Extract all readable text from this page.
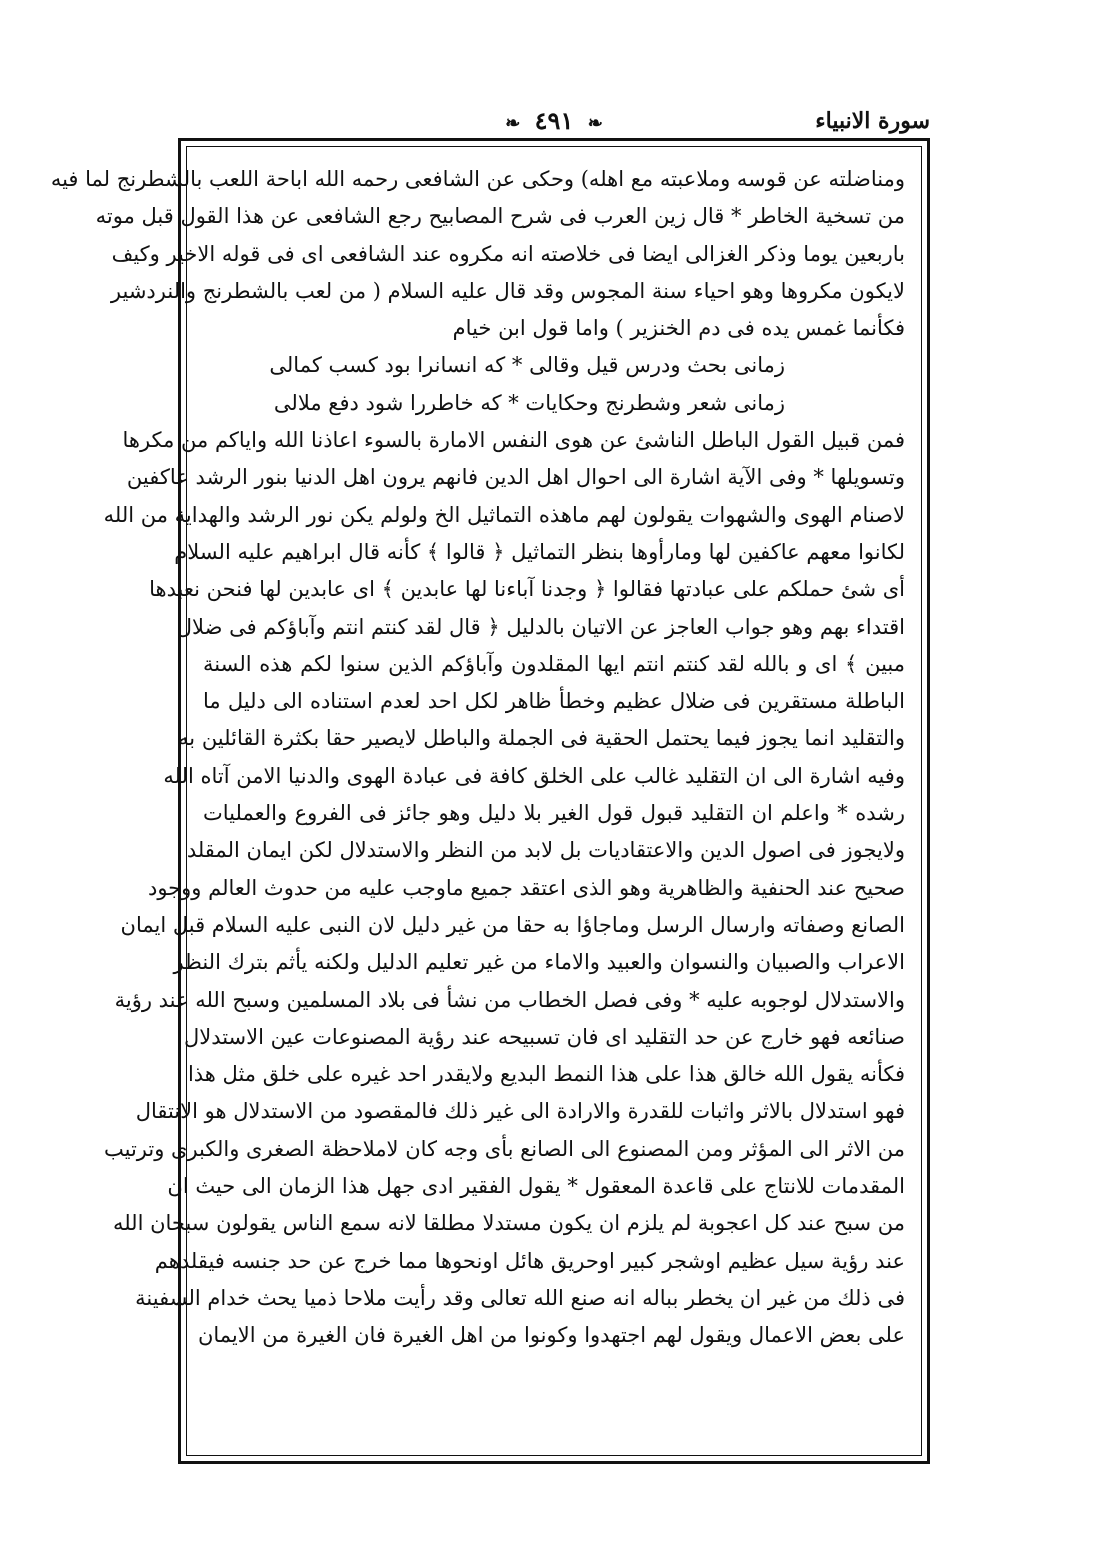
سورة الانبياء
❧ ٤٩١ ❧
ومناضلته عن قوسه وملاعبته مع اهله) وحكى عن الشافعى رحمه الله اباحة اللعب بالشطرنج لما فيه
من تسخية الخاطر * قال زين العرب فى شرح المصابيح رجع الشافعى عن هذا القول قبل موته
باربعين يوما وذكر الغزالى ايضا فى خلاصته انه مكروه عند الشافعى اى فى قوله الاخير وكيف
لايكون مكروها وهو احياء سنة المجوس وقد قال عليه السلام ( من لعب بالشطرنج والنردشير
فكأنما غمس يده فى دم الخنزير ) واما قول ابن خيام
زمانى بحث ودرس قيل وقالى * كه انسانرا بود كسب كمالى
زمانى شعر وشطرنج وحكايات * كه خاطررا شود دفع ملالى
فمن قبيل القول الباطل الناشئ عن هوى النفس الامارة بالسوء اعاذنا الله واياكم من مكرها
وتسويلها * وفى الآية اشارة الى احوال اهل الدين فانهم يرون اهل الدنيا بنور الرشد عاكفين
لاصنام الهوى والشهوات يقولون لهم ماهذه التماثيل الخ ولولم يكن نور الرشد والهداية من الله
لكانوا معهم عاكفين لها ومارأوها بنظر التماثيل ﴿ قالوا ﴾ كأنه قال ابراهيم عليه السلام
أى شئ حملكم على عبادتها فقالوا ﴿ وجدنا آباءنا لها عابدين ﴾ اى عابدين لها فنحن نعبدها
اقتداء بهم وهو جواب العاجز عن الاتيان بالدليل ﴿ قال لقد كنتم انتم وآباؤكم فى ضلال
مبين ﴾ اى و بالله لقد كنتم انتم ايها المقلدون وآباؤكم الذين سنوا لكم هذه السنة
الباطلة مستقرين فى ضلال عظيم وخطأ ظاهر لكل احد لعدم استناده الى دليل ما
والتقليد انما يجوز فيما يحتمل الحقية فى الجملة والباطل لايصير حقا بكثرة القائلين به
وفيه اشارة الى ان التقليد غالب على الخلق كافة فى عبادة الهوى والدنيا الامن آتاه الله
رشده * واعلم ان التقليد قبول قول الغير بلا دليل وهو جائز فى الفروع والعمليات
ولايجوز فى اصول الدين والاعتقاديات بل لابد من النظر والاستدلال لكن ايمان المقلد
صحيح عند الحنفية والظاهرية وهو الذى اعتقد جميع ماوجب عليه من حدوث العالم ووجود
الصانع وصفاته وارسال الرسل وماجاؤا به حقا من غير دليل لان النبى عليه السلام قبل ايمان
الاعراب والصبيان والنسوان والعبيد والاماء من غير تعليم الدليل ولكنه يأثم بترك النظر
والاستدلال لوجوبه عليه * وفى فصل الخطاب من نشأ فى بلاد المسلمين وسبح الله عند رؤية
صنائعه فهو خارج عن حد التقليد اى فان تسبيحه عند رؤية المصنوعات عين الاستدلال
فكأنه يقول الله خالق هذا على هذا النمط البديع ولايقدر احد غيره على خلق مثل هذا
فهو استدلال بالاثر واثبات للقدرة والارادة الى غير ذلك فالمقصود من الاستدلال هو الانتقال
من الاثر الى المؤثر ومن المصنوع الى الصانع بأى وجه كان لاملاحظة الصغرى والكبرى وترتيب
المقدمات للانتاج على قاعدة المعقول * يقول الفقير ادى جهل هذا الزمان الى حيث ان
من سبح عند كل اعجوبة لم يلزم ان يكون مستدلا مطلقا لانه سمع الناس يقولون سبحان الله
عند رؤية سيل عظيم اوشجر كبير اوحريق هائل اونحوها مما خرج عن حد جنسه فيقلدهم
فى ذلك من غير ان يخطر بباله انه صنع الله تعالى وقد رأيت ملاحا ذميا يحث خدام السفينة
على بعض الاعمال ويقول لهم اجتهدوا وكونوا من اهل الغيرة فان الغيرة من الايمان
